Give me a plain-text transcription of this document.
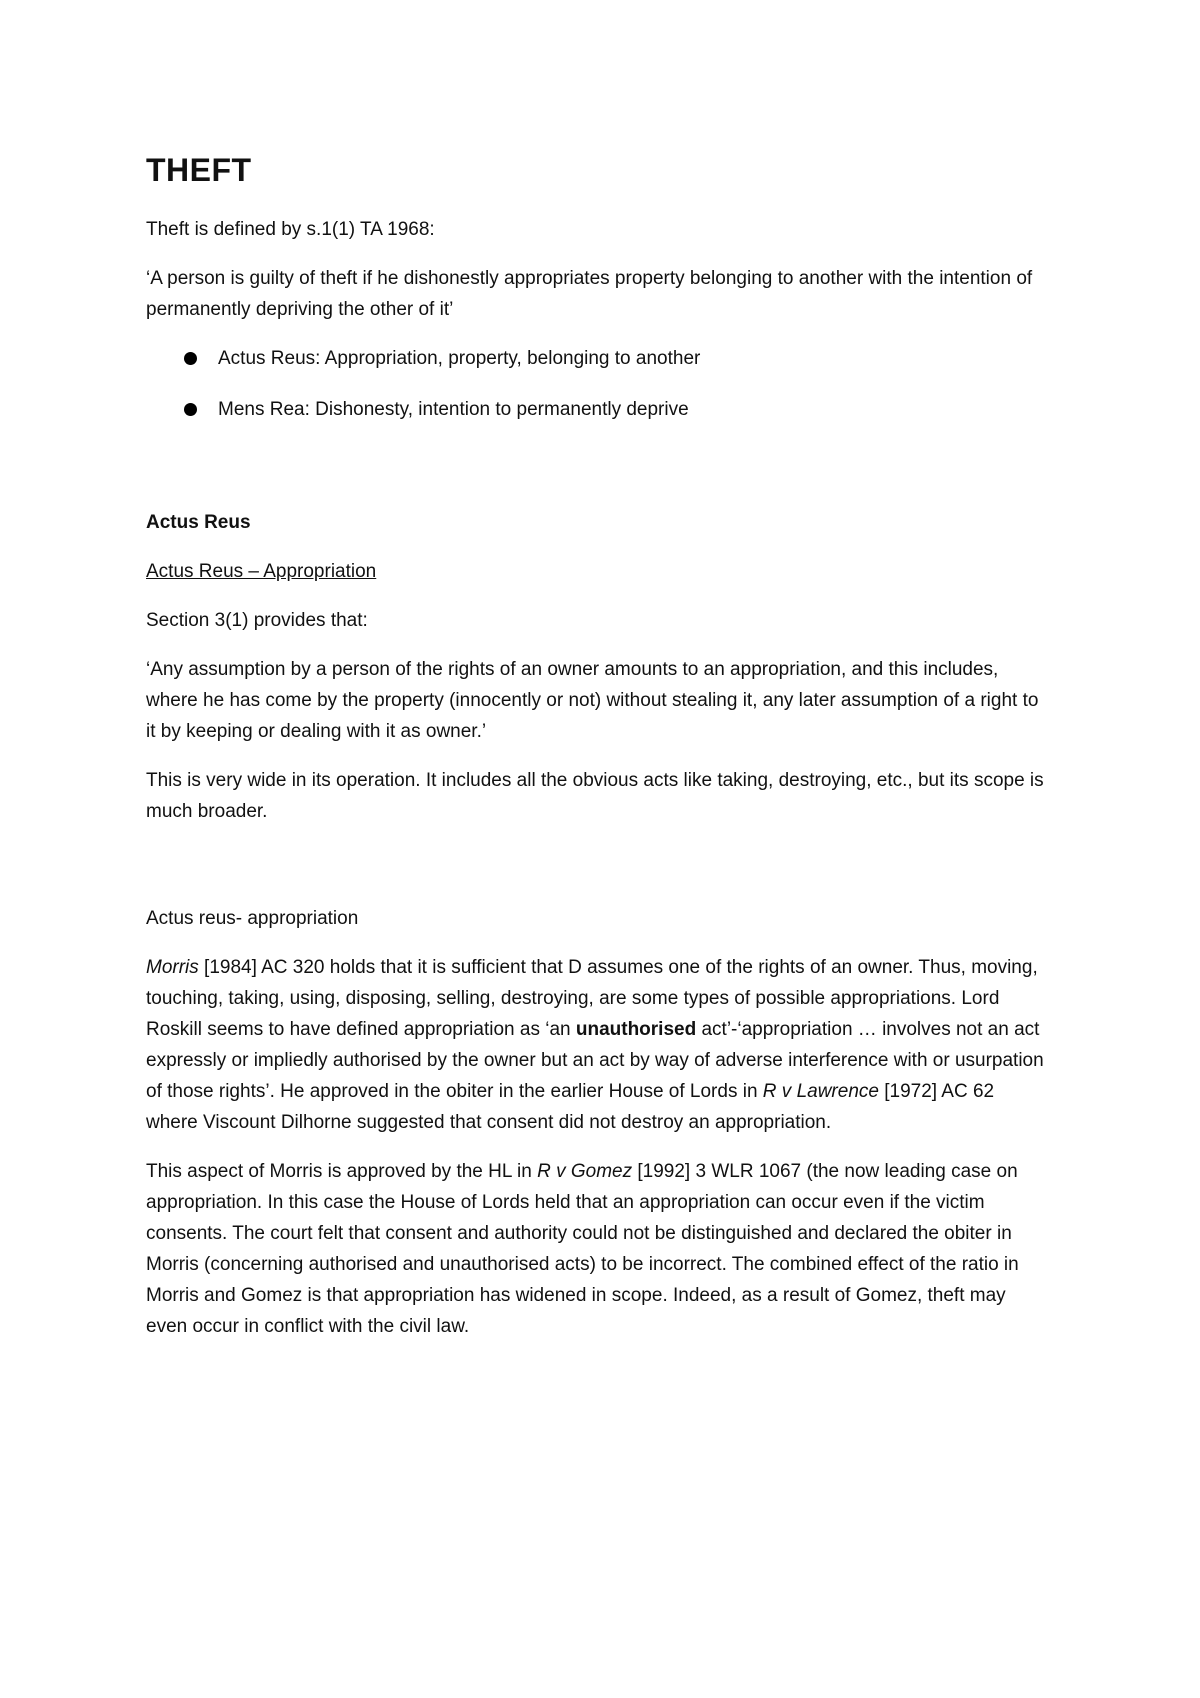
THEFT

Theft is defined by s.1(1) TA 1968:

‘A person is guilty of theft if he dishonestly appropriates property belonging to another with the intention of permanently depriving the other of it’

Actus Reus: Appropriation, property, belonging to another
Mens Rea: Dishonesty, intention to permanently deprive
Actus Reus
Actus Reus – Appropriation

Section 3(1) provides that:

‘Any assumption by a person of the rights of an owner amounts to an appropriation, and this includes, where he has come by the property (innocently or not) without stealing it, any later assumption of a right to it by keeping or dealing with it as owner.’

This is very wide in its operation. It includes all the obvious acts like taking, destroying, etc., but its scope is much broader.

Actus reus- appropriation

Morris [1984] AC 320 holds that it is sufficient that D assumes one of the rights of an owner. Thus, moving, touching, taking, using, disposing, selling, destroying, are some types of possible appropriations. Lord Roskill seems to have defined appropriation as ‘an unauthorised act’-‘appropriation … involves not an act expressly or impliedly authorised by the owner but an act by way of adverse interference with or usurpation of those rights’. He approved in the obiter in the earlier House of Lords in R v Lawrence [1972] AC 62 where Viscount Dilhorne suggested that consent did not destroy an appropriation.

This aspect of Morris is approved by the HL in R v Gomez [1992] 3 WLR 1067 (the now leading case on appropriation. In this case the House of Lords held that an appropriation can occur even if the victim consents. The court felt that consent and authority could not be distinguished and declared the obiter in Morris (concerning authorised and unauthorised acts) to be incorrect. The combined effect of the ratio in Morris and Gomez is that appropriation has widened in scope. Indeed, as a result of Gomez, theft may even occur in conflict with the civil law.
